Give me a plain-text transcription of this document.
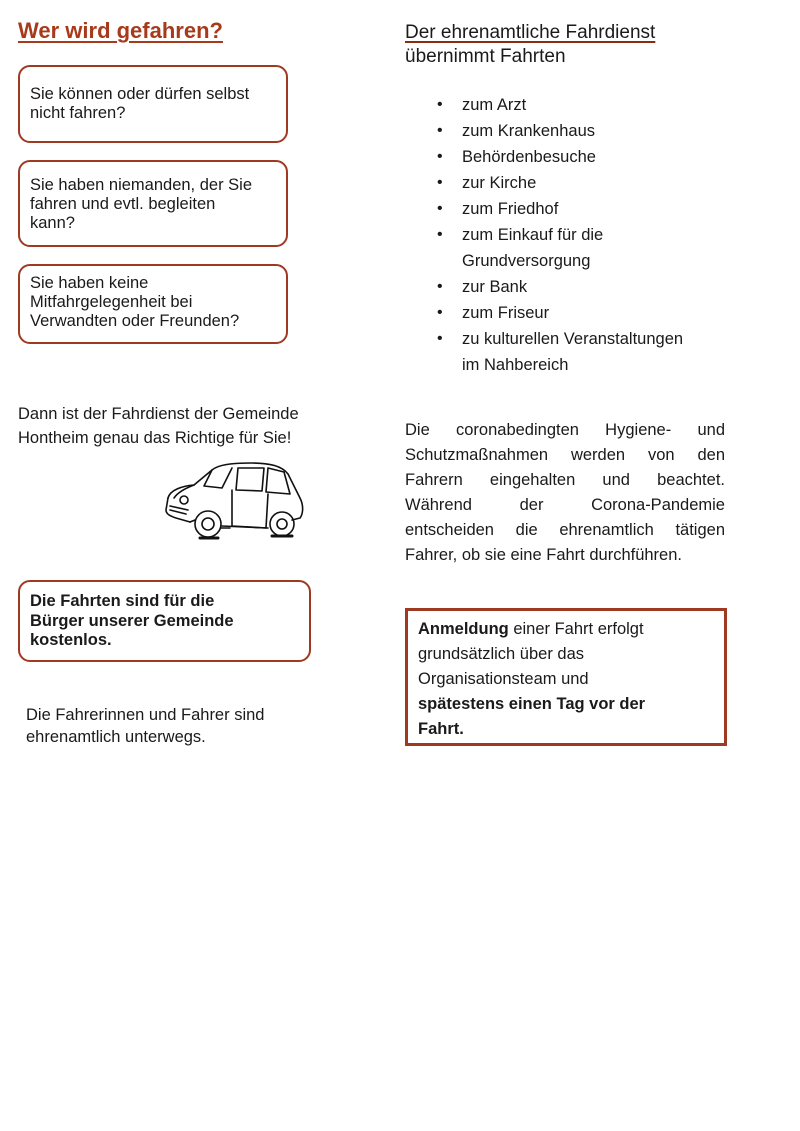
Wer wird gefahren?
Sie können oder dürfen selbst
nicht fahren?
Sie haben niemanden, der Sie
fahren und evtl. begleiten
kann?
Sie haben keine
Mitfahrgelegenheit bei
Verwandten oder Freunden?
Dann ist der Fahrdienst der Gemeinde
Hontheim genau das Richtige für Sie!
Die Fahrten sind für die
Bürger unserer Gemeinde
kostenlos.
Die Fahrerinnen und Fahrer sind
ehrenamtlich unterwegs.
Der ehrenamtliche Fahrdienst
übernimmt Fahrten
• zum Arzt
• zum Krankenhaus
• Behördenbesuche
• zur Kirche
• zum Friedhof
• zum Einkauf für die
Grundversorgung
• zur Bank
• zum Friseur
• zu kulturellen Veranstaltungen
im Nahbereich
Die coronabedingten Hygiene- und Schutzmaßnahmen werden von den Fahrern eingehalten und beachtet. Während der Corona-Pandemie entscheiden die ehrenamtlich tätigen Fahrer, ob sie eine Fahrt durchführen.
Anmeldung einer Fahrt erfolgt
grundsätzlich über das
Organisationsteam und
spätestens einen Tag vor der
Fahrt.
